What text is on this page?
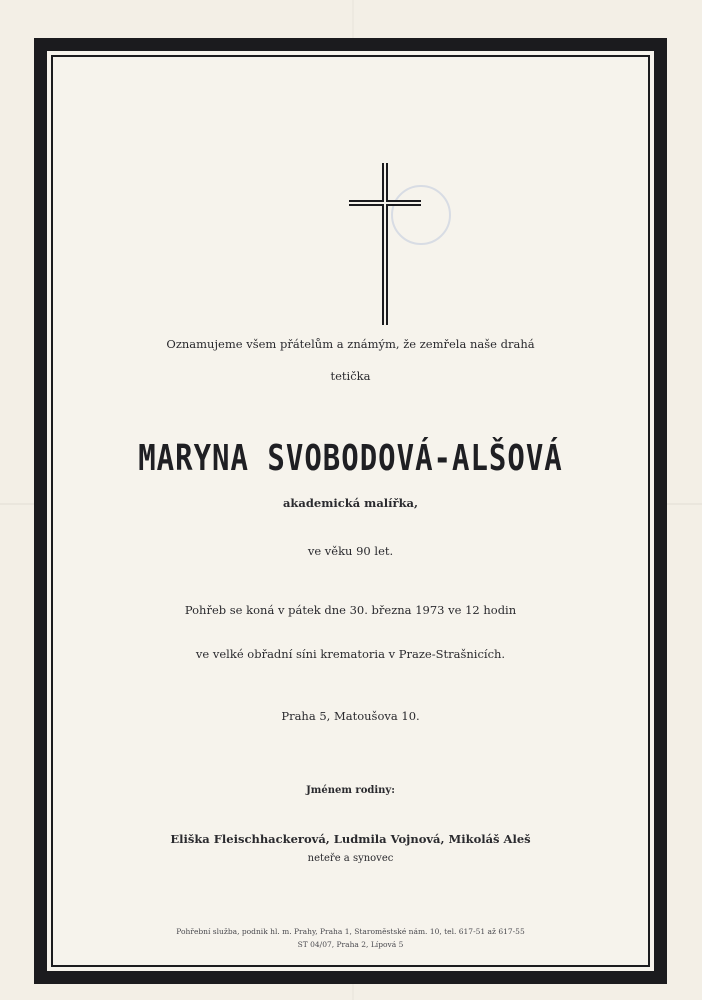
Oznamujeme všem přátelům a známým, že zemřela naše drahá
tetička
MARYNA SVOBODOVÁ-ALŠOVÁ
akademická malířka,
ve věku 90 let.
Pohřeb se koná v pátek dne 30. března 1973 ve 12 hodin
ve velké obřadní síni krematoria v Praze-Strašnicích.
Praha 5, Matoušova 10.
Jménem rodiny:
Eliška Fleischhackerová, Ludmila Vojnová, Mikoláš Aleš
neteře a synovec
Pohřební služba, podnik hl. m. Prahy, Praha 1, Staroměstské nám. 10, tel. 617-51 až 617-55
ST 04/07, Praha 2, Lípová 5
